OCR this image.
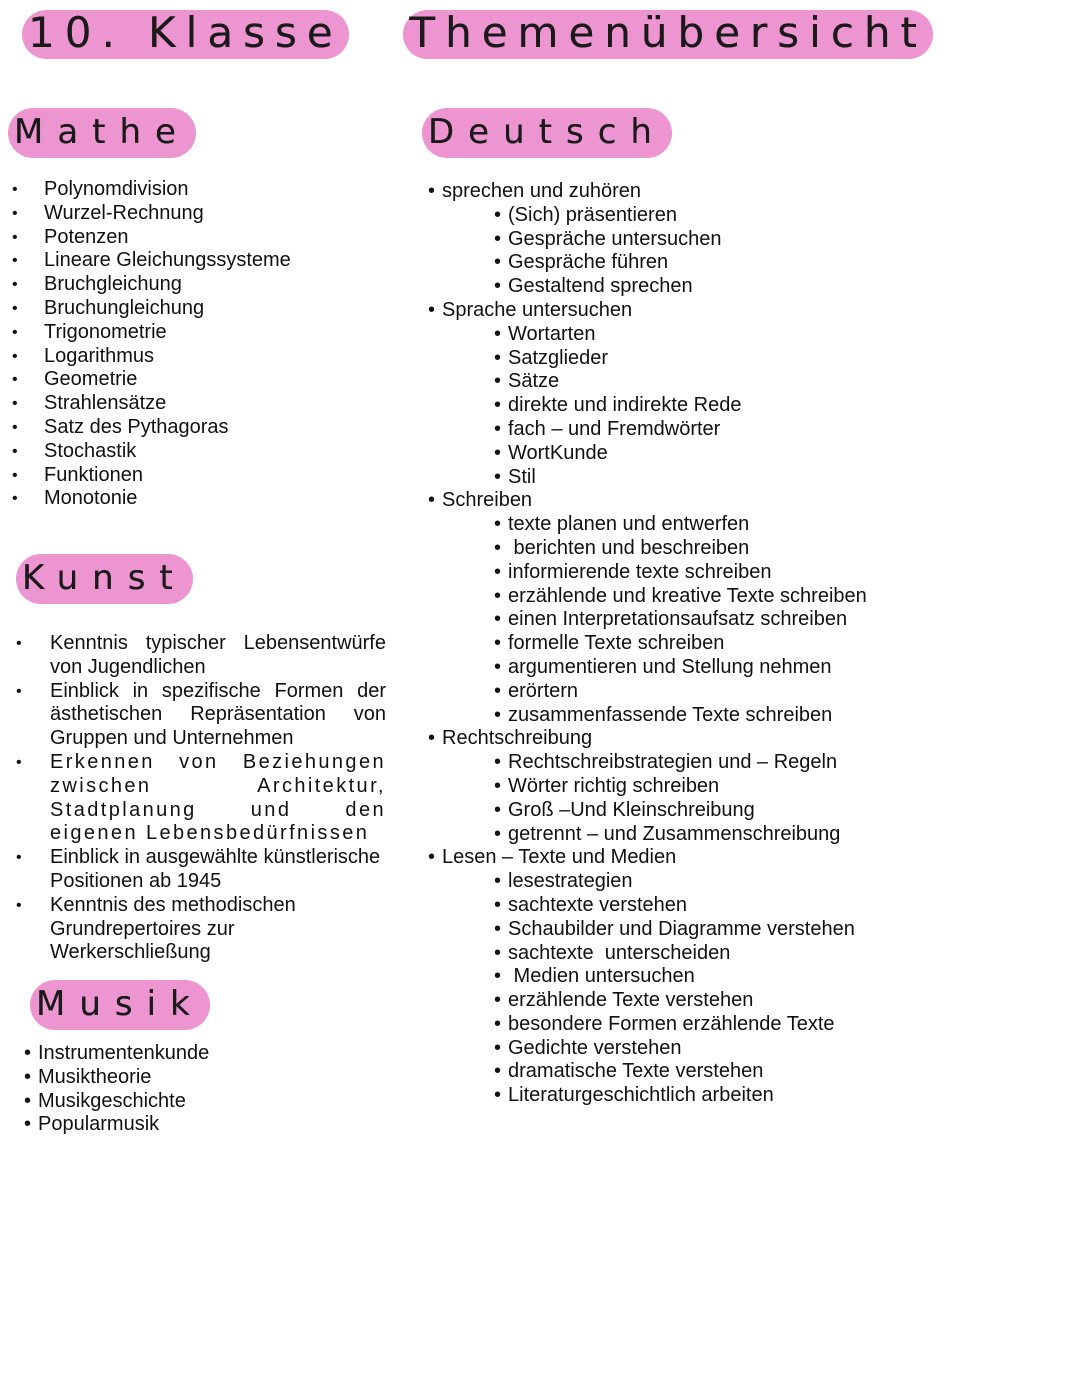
10. Klasse Themenübersicht
Mathe
• Polynomdivision
• Wurzel-Rechnung
• Potenzen
• Lineare Gleichungssysteme
• Bruchgleichung
• Bruchungleichung
• Trigonometrie
• Logarithmus
• Geometrie
• Strahlensätze
• Satz des Pythagoras
• Stochastik
• Funktionen
• Monotonie
Kunst
• Kenntnis typischer Lebensentwürfe von Jugendlichen
• Einblick in spezifische Formen der ästhetischen Repräsentation von Gruppen und Unternehmen
• Erkennen von Beziehungen zwischen Architektur, Stadtplanung und den eigenen Lebensbedürfnissen
• Einblick in ausgewählte künstlerische Positionen ab 1945
• Kenntnis des methodischen Grundrepertoires zur Werkerschließung
Musik
• Instrumentenkunde
• Musiktheorie
• Musikgeschichte
• Popularmusik
Deutsch
• sprechen und zuhören
• (Sich) präsentieren
• Gespräche untersuchen
• Gespräche führen
• Gestaltend sprechen
• Sprache untersuchen
• Wortarten
• Satzglieder
• Sätze
• direkte und indirekte Rede
• fach – und Fremdwörter
• WortKunde
• Stil
• Schreiben
• texte planen und entwerfen
•  berichten und beschreiben
• informierende texte schreiben
• erzählende und kreative Texte schreiben
• einen Interpretationsaufsatz schreiben
• formelle Texte schreiben
• argumentieren und Stellung nehmen
• erörtern
• zusammenfassende Texte schreiben
• Rechtschreibung
• Rechtschreibstrategien und – Regeln
• Wörter richtig schreiben
• Groß –Und Kleinschreibung
• getrennt – und Zusammenschreibung
• Lesen – Texte und Medien
• lesestrategien
• sachtexte verstehen
• Schaubilder und Diagramme verstehen
• sachtexte  unterscheiden
•  Medien untersuchen
• erzählende Texte verstehen
• besondere Formen erzählende Texte
• Gedichte verstehen
• dramatische Texte verstehen
• Literaturgeschichtlich arbeiten
